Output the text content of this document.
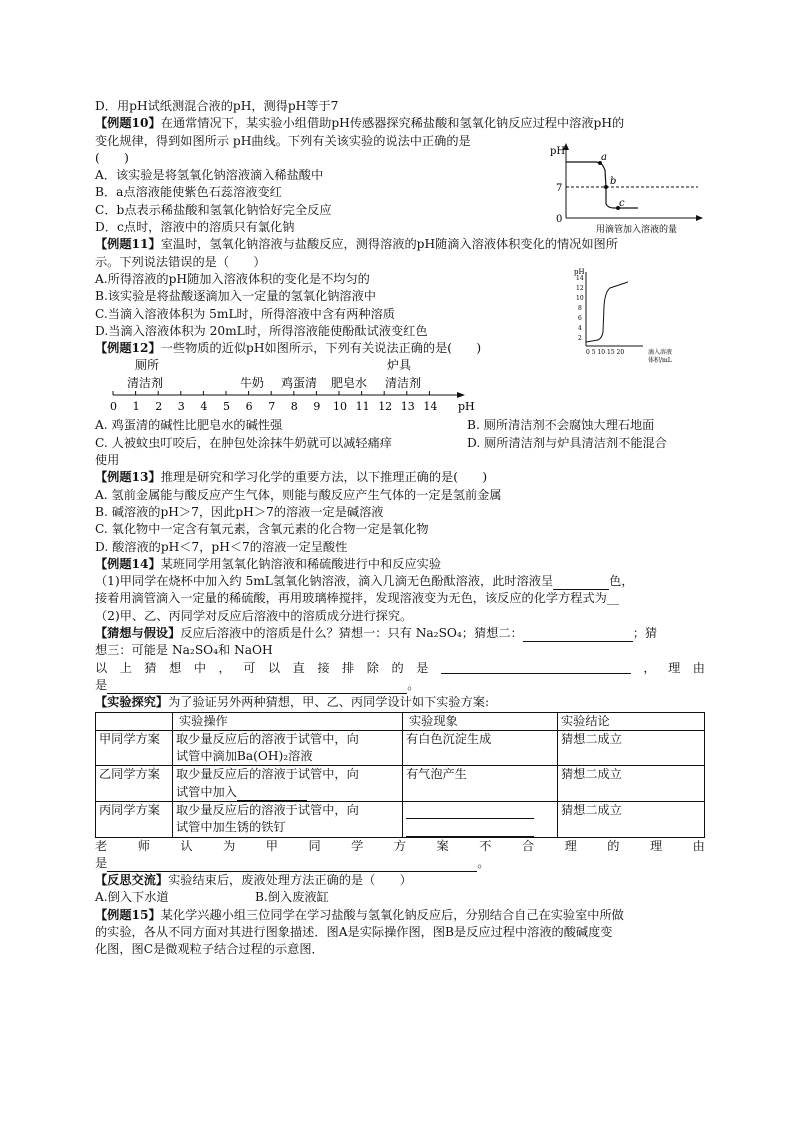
D．用pH试纸测混合液的pH，测得pH等于7
【例题10】在通常情况下，某实验小组借助pH传感器探究稀盐酸和氢氧化钠反应过程中溶液pH的
变化规律，得到如图所示 pH曲线。下列有关该实验的说法中正确的是
(　　)
A．该实验是将氢氧化钠溶液滴入稀盐酸中
B．a点溶液能使紫色石蕊溶液变红
C．b点表示稀盐酸和氢氧化钠恰好完全反应
D．c点时，溶液中的溶质只有氯化钠
【例题11】室温时，氢氧化钠溶液与盐酸反应，测得溶液的pH随滴入溶液体积变化的情况如图所
示。下列说法错误的是（　　）
A.所得溶液的pH随加入溶液体积的变化是不均匀的
B.该实验是将盐酸逐滴加入一定量的氢氧化钠溶液中
C.当滴入溶液体积为 5mL时，所得溶液中含有两种溶质
D.当滴入溶液体积为 20mL时，所得溶液能使酚酞试液变红色
【例题12】一些物质的近似pH如图所示，下列有关说法正确的是(　　)
厕所	炉具
清洁剂	牛奶 鸡蛋清 肥皂水 清洁剂
0 1 2 3 4 5 6 7 8 9 10 11 12 13 14 pH
A. 鸡蛋清的碱性比肥皂水的碱性强	B. 厕所清洁剂不会腐蚀大理石地面
C. 人被蚊虫叮咬后，在肿包处涂抹牛奶就可以减轻痛痒	D. 厕所清洁剂与炉具清洁剂不能混合
使用
【例题13】推理是研究和学习化学的重要方法，以下推理正确的是(　　)
A. 氢前金属能与酸反应产生气体，则能与酸反应产生气体的一定是氢前金属
B. 碱溶液的pH＞7，因此pH＞7的溶液一定是碱溶液
C. 氧化物中一定含有氧元素，含氧元素的化合物一定是氧化物
D. 酸溶液的pH＜7，pH＜7的溶液一定呈酸性
【例题14】某班同学用氢氧化钠溶液和稀硫酸进行中和反应实验
（1)甲同学在烧杯中加入约 5mL氢氧化钠溶液，滴入几滴无色酚酞溶液，此时溶液呈	色，
接着用滴管滴入一定量的稀硫酸，再用玻璃棒搅拌，发现溶液变为无色，该反应的化学方程式为__
（2)甲、乙、丙同学对反应后溶液中的溶质成分进行探究。
【猜想与假设】反应后溶液中的溶质是什么？猜想一：只有 Na₂SO₄；猜想二：	；猜
想三：可能是 Na₂SO₄和 NaOH
以 上 猜 想 中 ， 可 以 直 接 排 除 的 是	， 理 由
是	。
【实验探究】为了验证另外两种猜想，甲、乙、丙同学设计如下实验方案:
	实验操作	实验现象	实验结论
甲同学方案	取少量反应后的溶液于试管中，向
试管中滴加Ba(OH)₂溶液	有白色沉淀生成	猜想二成立
乙同学方案	取少量反应后的溶液于试管中，向
试管中加入	有气泡产生	猜想二成立
丙同学方案	取少量反应后的溶液于试管中，向
试管中加生锈的铁钉		猜想二成立
老	师	认	为	甲	同	学	方	案	不	合	理	的	理	由
是	。
【反思交流】实验结束后，废液处理方法正确的是（　　）
A.倒入下水道	B.倒入废液缸
【例题15】某化学兴趣小组三位同学在学习盐酸与氢氧化钠反应后，分别结合自己在实验室中所做
的实验，各从不同方面对其进行图象描述．图A是实际操作图，图B是反应过程中溶液的酸碱度变
化图，图C是微观粒子结合过程的示意图．
pH
7
0
a
b
c
用滴管加入溶液的量
pH
14
12
10
8
6
4
2
0 5 10 15 20	滴入溶液
体积/mL
